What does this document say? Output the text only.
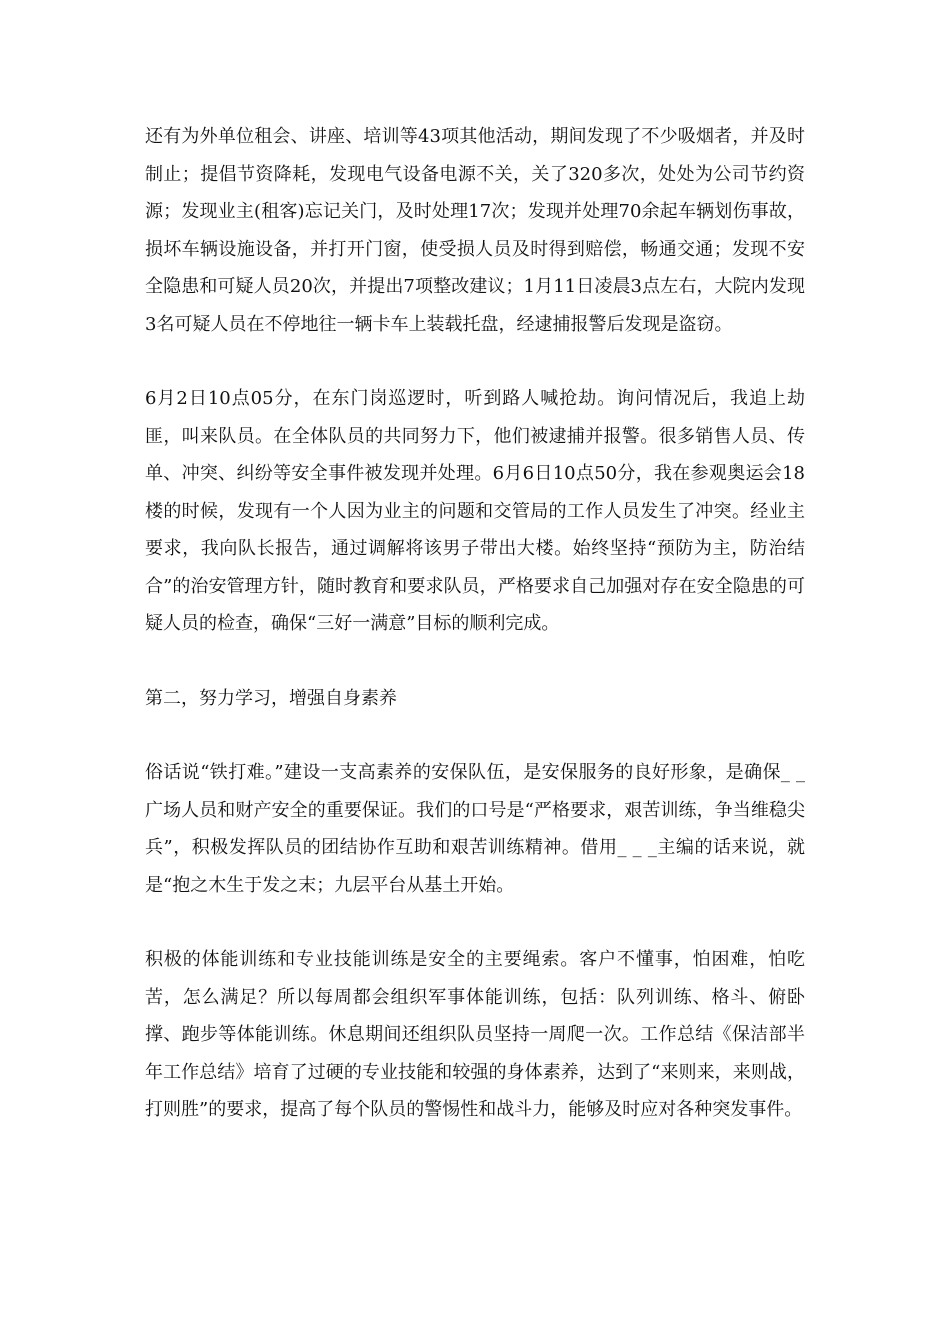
还有为外单位租会、讲座、培训等43项其他活动，期间发现了不少吸烟者，并及时制止；提倡节资降耗，发现电气设备电源不关，关了320多次，处处为公司节约资源；发现业主(租客)忘记关门，及时处理17次；发现并处理70余起车辆划伤事故，损坏车辆设施设备，并打开门窗，使受损人员及时得到赔偿，畅通交通；发现不安全隐患和可疑人员20次，并提出7项整改建议；1月11日凌晨3点左右，大院内发现3名可疑人员在不停地往一辆卡车上装载托盘，经逮捕报警后发现是盗窃。

6月2日10点05分，在东门岗巡逻时，听到路人喊抢劫。询问情况后，我追上劫匪，叫来队员。在全体队员的共同努力下，他们被逮捕并报警。很多销售人员、传单、冲突、纠纷等安全事件被发现并处理。6月6日10点50分，我在参观奥运会18楼的时候，发现有一个人因为业主的问题和交管局的工作人员发生了冲突。经业主要求，我向队长报告，通过调解将该男子带出大楼。始终坚持“预防为主，防治结合”的治安管理方针，随时教育和要求队员，严格要求自己加强对存在安全隐患的可疑人员的检查，确保“三好一满意”目标的顺利完成。

第二，努力学习，增强自身素养

俗话说“铁打难。”建设一支高素养的安保队伍，是安保服务的良好形象，是确保_ _广场人员和财产安全的重要保证。我们的口号是“严格要求，艰苦训练，争当维稳尖兵”，积极发挥队员的团结协作互助和艰苦训练精神。借用_ _ _主编的话来说，就是“抱之木生于发之末；九层平台从基土开始。

积极的体能训练和专业技能训练是安全的主要绳索。客户不懂事，怕困难，怕吃苦，怎么满足？所以每周都会组织军事体能训练，包括：队列训练、格斗、俯卧撑、跑步等体能训练。休息期间还组织队员坚持一周爬一次。工作总结《保洁部半年工作总结》培育了过硬的专业技能和较强的身体素养，达到了“来则来，来则战，打则胜”的要求，提高了每个队员的警惕性和战斗力，能够及时应对各种突发事件。
